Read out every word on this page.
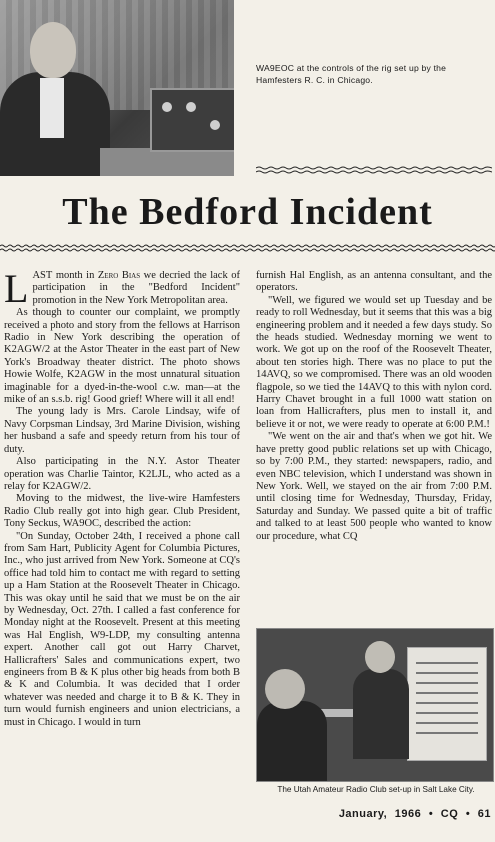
WA9EOC at the controls of the rig set up by the Hamfesters R. C. in Chicago.
The Bedford Incident

LAST month in Zero Bias we decried the lack of participation in the "Bedford Incident" promotion in the New York Metropolitan area.

As though to counter our complaint, we promptly received a photo and story from the fellows at Harrison Radio in New York describing the operation of K2AGW/2 at the Astor Theater in the east part of New York's Broadway theater district. The photo shows Howie Wolfe, K2AGW in the most unnatural situation imaginable for a dyed-in-the-wool c.w. man—at the mike of an s.s.b. rig! Good grief! Where will it all end!

The young lady is Mrs. Carole Lindsay, wife of Navy Corpsman Lindsay, 3rd Marine Division, wishing her husband a safe and speedy return from his tour of duty.

Also participating in the N.Y. Astor Theater operation was Charlie Taintor, K2LJL, who acted as a relay for K2AGW/2.

Moving to the midwest, the live-wire Hamfesters Radio Club really got into high gear. Club President, Tony Seckus, WA9OC, described the action:

"On Sunday, October 24th, I received a phone call from Sam Hart, Publicity Agent for Columbia Pictures, Inc., who just arrived from New York. Someone at CQ's office had told him to contact me with regard to setting up a Ham Station at the Roosevelt Theater in Chicago. This was okay until he said that we must be on the air by Wednesday, Oct. 27th. I called a fast conference for Monday night at the Roosevelt. Present at this meeting was Hal English, W9-LDP, my consulting antenna expert. Another call got out Harry Charvet, Hallicrafters' Sales and communications expert, two engineers from B & K plus other big heads from both B & K and Columbia. It was decided that I order whatever was needed and charge it to B & K. They in turn would furnish engineers and union electricians, a must in Chicago. I would in turn

furnish Hal English, as an antenna consultant, and the operators.

"Well, we figured we would set up Tuesday and be ready to roll Wednesday, but it seems that this was a big engineering problem and it needed a few days study. So the heads studied. Wednesday morning we went to work. We got up on the roof of the Roosevelt Theater, about ten stories high. There was no place to put the 14AVQ, so we compromised. There was an old wooden flagpole, so we tied the 14AVQ to this with nylon cord. Harry Chavet brought in a full 1000 watt station on loan from Hallicrafters, plus men to install it, and believe it or not, we were ready to operate at 6:00 P.M.!

"We went on the air and that's when we got hit. We have pretty good public relations set up with Chicago, so by 7:00 P.M., they started: newspapers, radio, and even NBC television, which I understand was shown in New York. Well, we stayed on the air from 7:00 P.M. until closing time for Wednesday, Thursday, Friday, Saturday and Sunday. We passed quite a bit of traffic and talked to at least 500 people who wanted to know our procedure, what CQ

The Utah Amateur Radio Club set-up in Salt Lake City.
January, 1966 • CQ • 61
